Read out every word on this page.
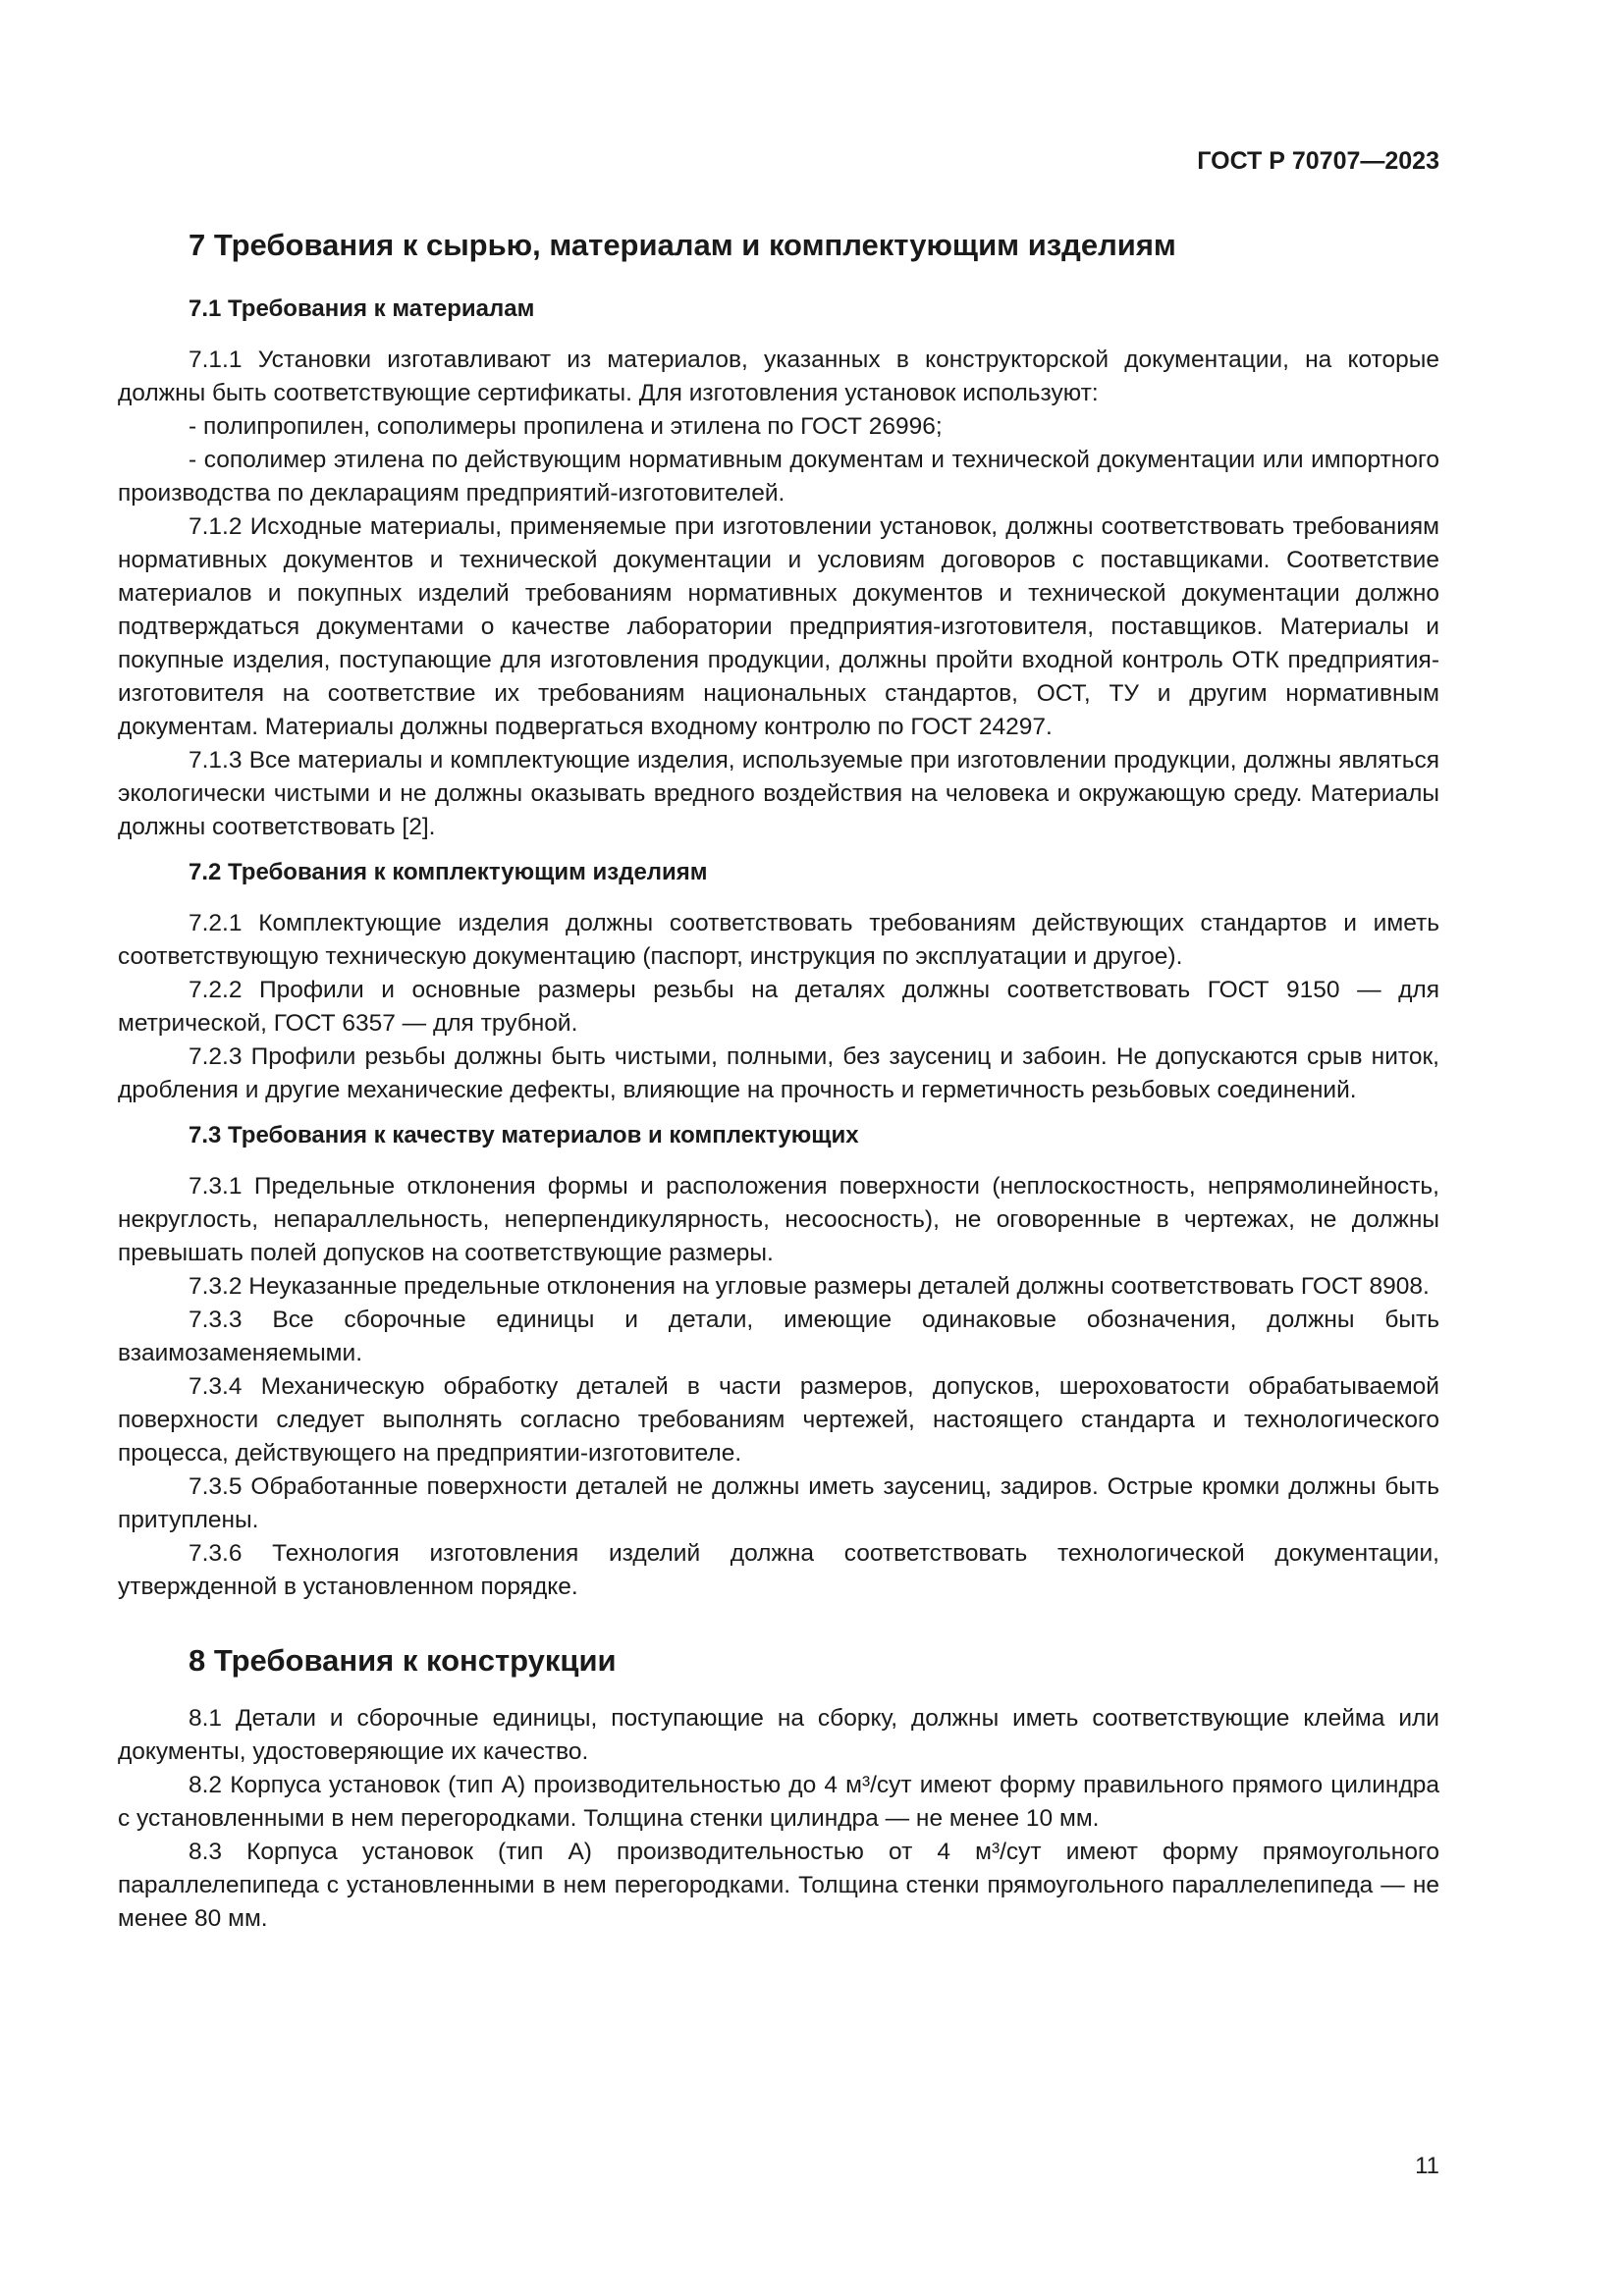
ГОСТ Р 70707—2023
7 Требования к сырью, материалам и комплектующим изделиям
7.1 Требования к материалам

7.1.1 Установки изготавливают из материалов, указанных в конструкторской документации, на которые должны быть соответствующие сертификаты. Для изготовления установок используют:

- полипропилен, сополимеры пропилена и этилена по ГОСТ 26996;

- сополимер этилена по действующим нормативным документам и технической документации или импортного производства по декларациям предприятий-изготовителей.

7.1.2 Исходные материалы, применяемые при изготовлении установок, должны соответствовать требованиям нормативных документов и технической документации и условиям договоров с поставщиками. Соответствие материалов и покупных изделий требованиям нормативных документов и технической документации должно подтверждаться документами о качестве лаборатории предприятия-изготовителя, поставщиков. Материалы и покупные изделия, поступающие для изготовления продукции, должны пройти входной контроль ОТК предприятия-изготовителя на соответствие их требованиям национальных стандартов, ОСТ, ТУ и другим нормативным документам. Материалы должны подвергаться входному контролю по ГОСТ 24297.

7.1.3 Все материалы и комплектующие изделия, используемые при изготовлении продукции, должны являться экологически чистыми и не должны оказывать вредного воздействия на человека и окружающую среду. Материалы должны соответствовать [2].

7.2 Требования к комплектующим изделиям

7.2.1 Комплектующие изделия должны соответствовать требованиям действующих стандартов и иметь соответствующую техническую документацию (паспорт, инструкция по эксплуатации и другое).

7.2.2 Профили и основные размеры резьбы на деталях должны соответствовать ГОСТ 9150 — для метрической, ГОСТ 6357 — для трубной.

7.2.3 Профили резьбы должны быть чистыми, полными, без заусениц и забоин. Не допускаются срыв ниток, дробления и другие механические дефекты, влияющие на прочность и герметичность резьбовых соединений.

7.3 Требования к качеству материалов и комплектующих

7.3.1 Предельные отклонения формы и расположения поверхности (неплоскостность, непрямолинейность, некруглость, непараллельность, неперпендикулярность, несоосность), не оговоренные в чертежах, не должны превышать полей допусков на соответствующие размеры.

7.3.2 Неуказанные предельные отклонения на угловые размеры деталей должны соответствовать ГОСТ 8908.

7.3.3 Все сборочные единицы и детали, имеющие одинаковые обозначения, должны быть взаимозаменяемыми.

7.3.4 Механическую обработку деталей в части размеров, допусков, шероховатости обрабатываемой поверхности следует выполнять согласно требованиям чертежей, настоящего стандарта и технологического процесса, действующего на предприятии-изготовителе.

7.3.5 Обработанные поверхности деталей не должны иметь заусениц, задиров. Острые кромки должны быть притуплены.

7.3.6 Технология изготовления изделий должна соответствовать технологической документации, утвержденной в установленном порядке.

8 Требования к конструкции

8.1 Детали и сборочные единицы, поступающие на сборку, должны иметь соответствующие клейма или документы, удостоверяющие их качество.

8.2 Корпуса установок (тип А) производительностью до 4 м³/сут имеют форму правильного прямого цилиндра с установленными в нем перегородками. Толщина стенки цилиндра — не менее 10 мм.

8.3 Корпуса установок (тип А) производительностью от 4 м³/сут имеют форму прямоугольного параллелепипеда с установленными в нем перегородками. Толщина стенки прямоугольного параллелепипеда — не менее 80 мм.

11
